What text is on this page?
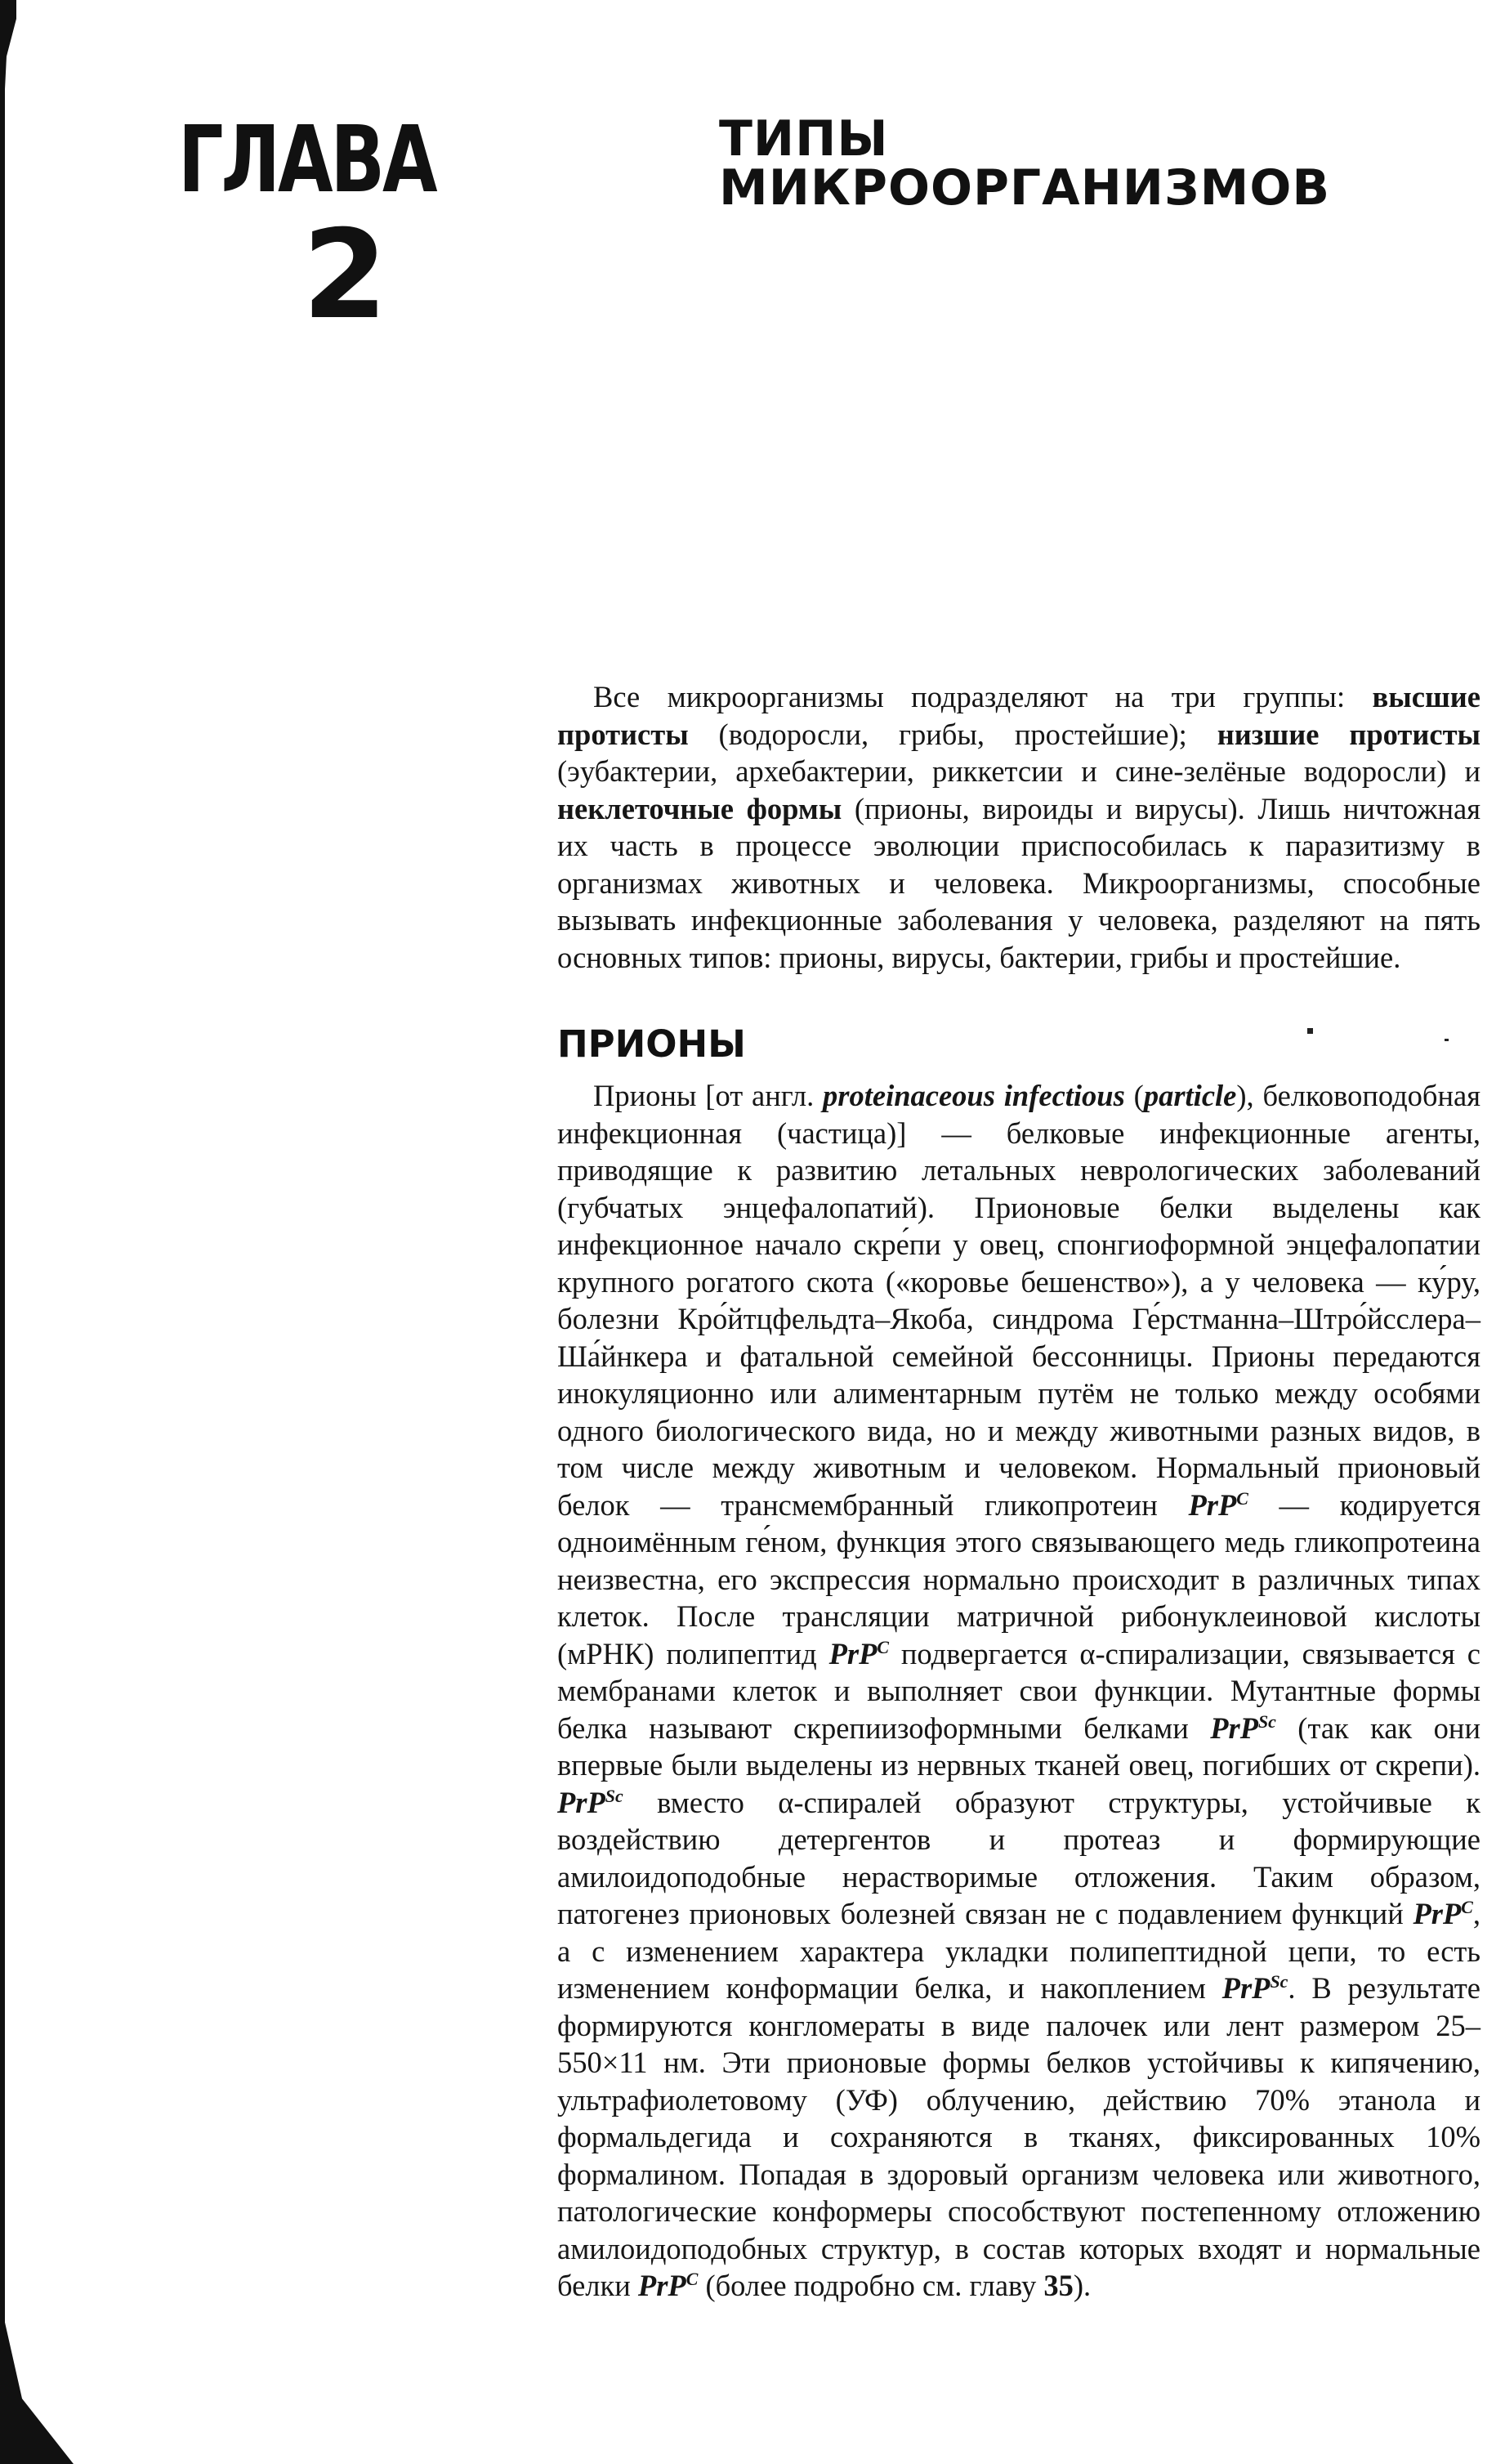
ГЛАВА
2
ТИПЫ МИКРООРГАНИЗМОВ

Все микроорганизмы подразделяют на три группы: высшие протисты (водоросли, грибы, простейшие); низшие протисты (эубактерии, архебактерии, риккетсии и сине-зелёные водоросли) и неклеточные формы (прионы, вироиды и вирусы). Лишь ничтожная их часть в процессе эволюции приспособилась к паразитизму в организмах животных и человека. Микроорганизмы, способные вызывать инфекционные заболевания у человека, разделяют на пять основных типов: прионы, вирусы, бактерии, грибы и простейшие.

ПРИОНЫ

Прионы [от англ. proteinaceous infectious (particle), белковоподобная инфекционная (частица)] — белковые инфекционные агенты, приводящие к развитию летальных неврологических заболеваний (губчатых энцефалопатий). Прионовые белки выделены как инфекционное начало скре́пи у овец, спонгиоформной энцефалопатии крупного рогатого скота («коровье бешенство»), а у человека — ку́ру, болезни Кро́йтцфельдта–Якоба, синдрома Ге́рстманна–Штро́йсслера–Ша́йнкера и фатальной семейной бессонницы. Прионы передаются инокуляционно или алиментарным путём не только между особями одного биологического вида, но и между животными разных видов, в том числе между животным и человеком. Нормальный прионовый белок — трансмембранный гликопротеин PrP$^C$ — кодируется одноимённым ге́ном, функция этого связывающего медь гликопротеина неизвестна, его экспрессия нормально происходит в различных типах клеток. После трансляции матричной рибонуклеиновой кислоты (мРНК) полипептид PrP$^C$ подвергается α-спирализации, связывается с мембранами клеток и выполняет свои функции. Мутантные формы белка называют скрепиизоформными белками PrP$^{Sc}$ (так как они впервые были выделены из нервных тканей овец, погибших от скрепи). PrP$^{Sc}$ вместо α-спиралей образуют структуры, устойчивые к воздействию детергентов и протеаз и формирующие амилоидоподобные нерастворимые отложения. Таким образом, патогенез прионовых болезней связан не с подавлением функций PrP$^C$, а с изменением характера укладки полипептидной цепи, то есть изменением конформации белка, и накоплением PrP$^{Sc}$. В результате формируются конгломераты в виде палочек или лент размером 25–550×11 нм. Эти прионовые формы белков устойчивы к кипячению, ультрафиолетовому (УФ) облучению, действию 70% этанола и формальдегида и сохраняются в тканях, фиксированных 10% формалином. Попадая в здоровый организм человека или животного, патологические конформеры способствуют постепенному отложению амилоидоподобных структур, в состав которых входят и нормальные белки PrP$^C$ (более подробно см. главу 35).
